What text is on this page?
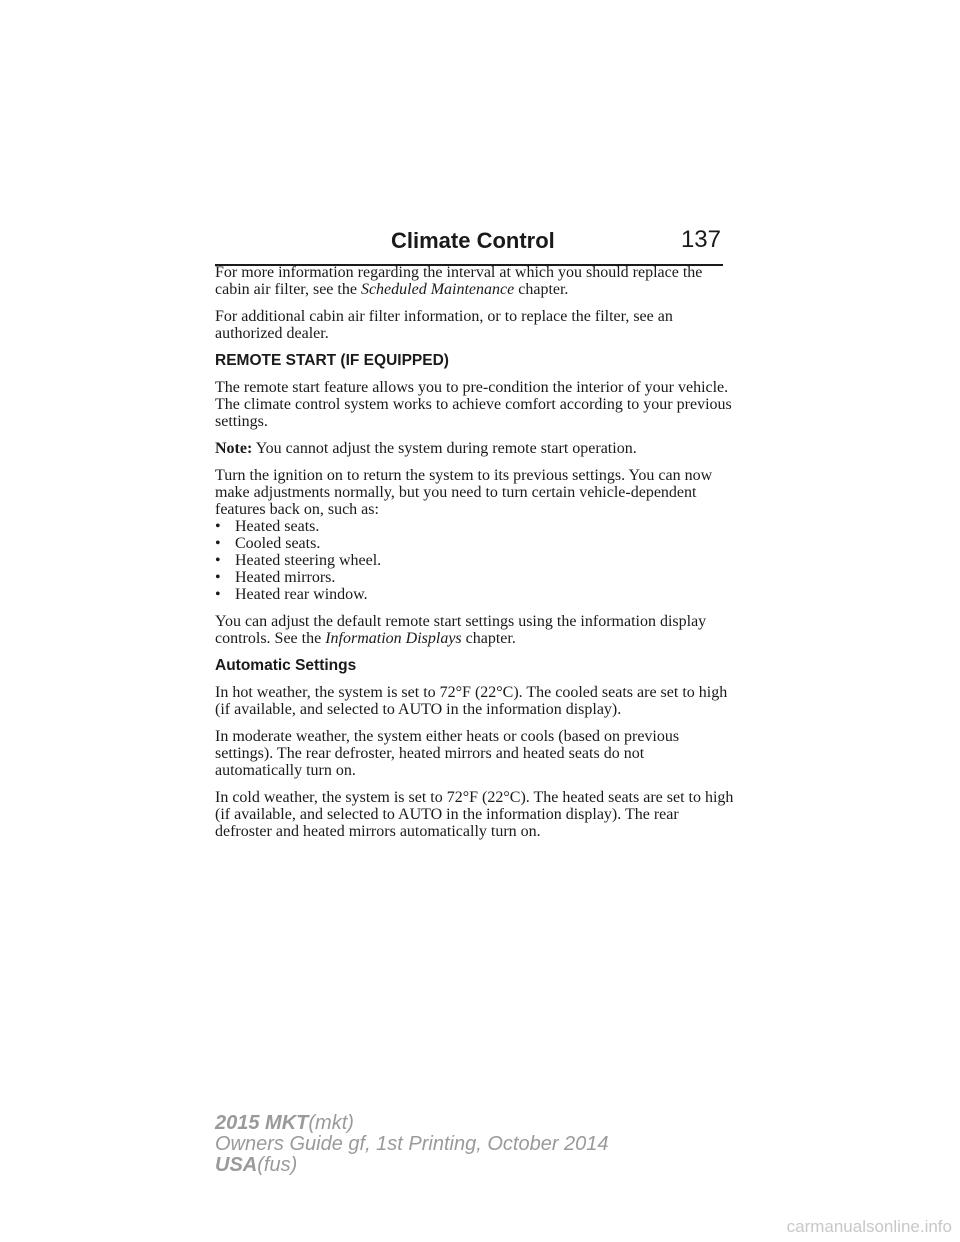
Climate Control	137

For more information regarding the interval at which you should replace the cabin air filter, see the Scheduled Maintenance chapter.

For additional cabin air filter information, or to replace the filter, see an authorized dealer.

REMOTE START (IF EQUIPPED)

The remote start feature allows you to pre-condition the interior of your vehicle. The climate control system works to achieve comfort according to your previous settings.

Note: You cannot adjust the system during remote start operation.

Turn the ignition on to return the system to its previous settings. You can now make adjustments normally, but you need to turn certain vehicle-dependent features back on, such as:

• Heated seats.
• Cooled seats.
• Heated steering wheel.
• Heated mirrors.
• Heated rear window.

You can adjust the default remote start settings using the information display controls. See the Information Displays chapter.

Automatic Settings

In hot weather, the system is set to 72°F (22°C). The cooled seats are set to high (if available, and selected to AUTO in the information display).

In moderate weather, the system either heats or cools (based on previous settings). The rear defroster, heated mirrors and heated seats do not automatically turn on.

In cold weather, the system is set to 72°F (22°C). The heated seats are set to high (if available, and selected to AUTO in the information display). The rear defroster and heated mirrors automatically turn on.

2015 MKT(mkt)
Owners Guide gf, 1st Printing, October 2014
USA(fus)
carmanualsonline.info
